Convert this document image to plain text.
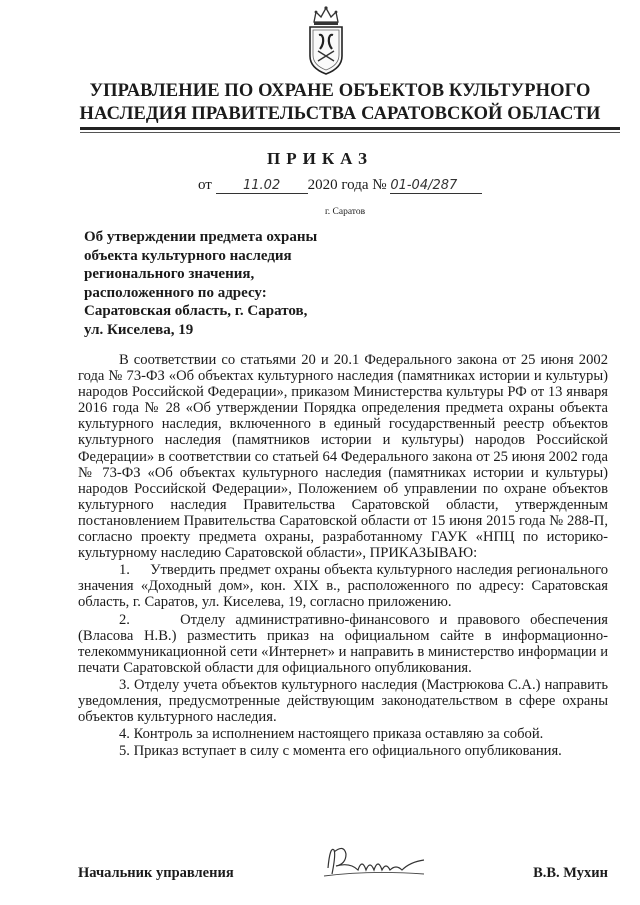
УПРАВЛЕНИЕ ПО ОХРАНЕ ОБЪЕКТОВ КУЛЬТУРНОГО
НАСЛЕДИЯ ПРАВИТЕЛЬСТВА САРАТОВСКОЙ ОБЛАСТИ
ПРИКАЗ
от 11.02 2020 года № 01-04/287
г. Саратов
Об утверждении предмета охраны
объекта культурного наследия
регионального значения,
расположенного по адресу:
Саратовская область, г. Саратов,
ул. Киселева, 19

В соответствии со статьями 20 и 20.1 Федерального закона от 25 июня 2002 года № 73-ФЗ «Об объектах культурного наследия (памятниках истории и культуры) народов Российской Федерации», приказом Министерства культуры РФ от 13 января 2016 года № 28 «Об утверждении Порядка определения предмета охраны объекта культурного наследия, включенного в единый государственный реестр объектов культурного наследия (памятников истории и культуры) народов Российской Федерации» в соответствии со статьей 64 Федерального закона от 25 июня 2002 года № 73-ФЗ «Об объектах культурного наследия (памятниках истории и культуры) народов Российской Федерации», Положением об управлении по охране объектов культурного наследия Правительства Саратовской области, утвержденным постановлением Правительства Саратовской области от 15 июня 2015 года № 288-П, согласно проекту предмета охраны, разработанному ГАУК «НПЦ по историко-культурному наследию Саратовской области», ПРИКАЗЫВАЮ:

1.     Утвердить предмет охраны объекта культурного наследия регионального значения «Доходный дом», кон. XIX в., расположенного по адресу: Саратовская область, г. Саратов, ул. Киселева, 19, согласно приложению.

2.     Отделу административно-финансового и правового обеспечения (Власова Н.В.) разместить приказ на официальном сайте в информационно-телекоммуникационной сети «Интернет» и направить в министерство информации и печати Саратовской области для официального опубликования.

3. Отделу учета объектов культурного наследия (Мастрюкова С.А.) направить уведомления, предусмотренные действующим законодательством в сфере охраны объектов культурного наследия.

4. Контроль за исполнением настоящего приказа оставляю за собой.

5. Приказ вступает в силу с момента его официального опубликования.

Начальник управления	В.В. Мухин
